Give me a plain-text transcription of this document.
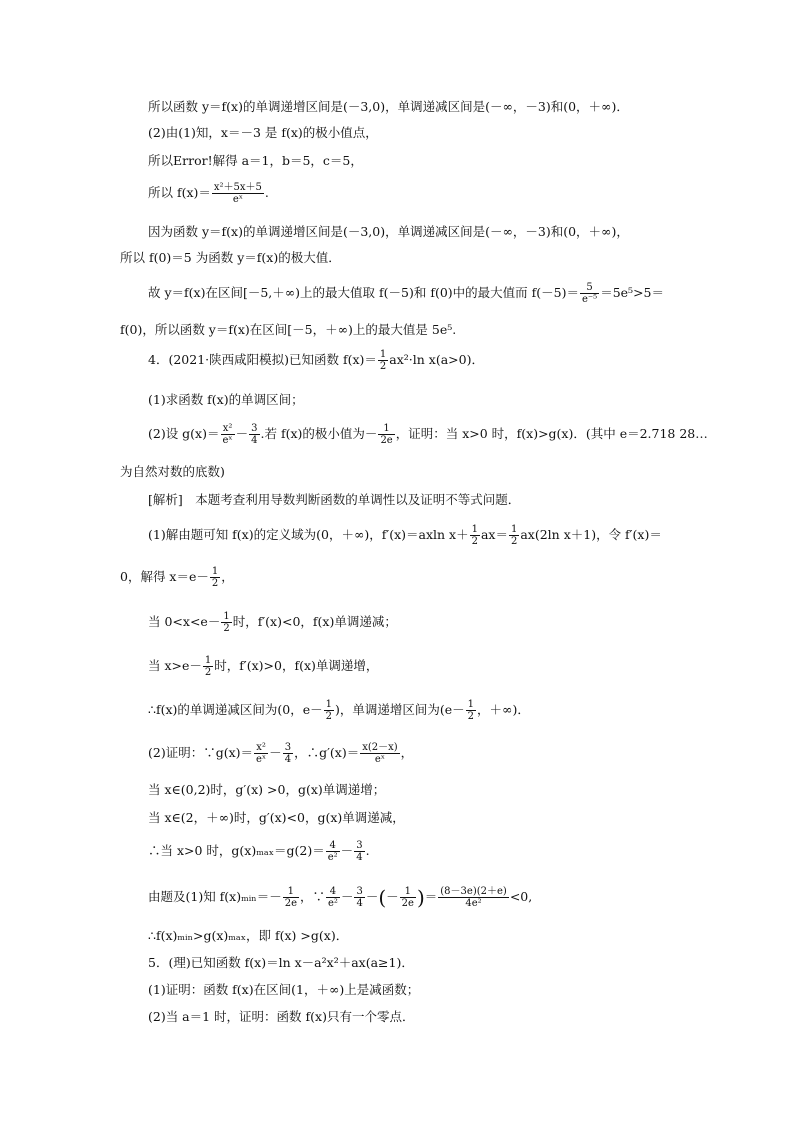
所以函数 y＝f(x)的单调递增区间是(－3,0)，单调递减区间是(－∞，－3)和(0，＋∞)．
(2)由(1)知，x＝－3 是 f(x)的极小值点，
所以Error!解得 a＝1，b＝5，c＝5，
所以 $f(x)= \frac{\text{x²＋5x＋5}}{\text{eˣ}}$ .
因为函数 y＝f(x)的单调递增区间是(－3,0)，单调递减区间是(－∞，－3)和(0，＋∞)，
所以 f(0)＝5 为函数 y＝f(x)的极大值．
故 y＝f(x)在区间[－5,＋∞)上的最大值取 f(－5)和 f(0)中的最大值而 $f(-5)= \frac{5}{\text{e⁻⁵}} =5e^5>5=$
f(0)，所以函数 y＝f(x)在区间[－5，＋∞)上的最大值是 5e⁵.
4．(2021·陕西咸阳模拟)已知函数 $f(x)= \frac{1}{2} ax^2\cdot\ln$ x(a>0)．
(1)求函数 f(x)的单调区间；
(2)设 $g(x)= \frac{\text{x²}}{\text{eˣ}} - \frac{3}{4}$ .若 f(x)的极小值为－ $\frac{1}{2e}$ ，证明：当 x>0 时，f(x)>g(x)．(其中 e＝2.718 28…
为自然对数的底数)
[解析]　本题考查利用导数判断函数的单调性以及证明不等式问题．
(1)解由题可知 f(x)的定义域为(0，＋∞)，f′(x)＝axln $x+ \frac{1}{2} ax= \frac{1}{2} ax(2\ln$ x＋1)，令 f′(x)＝
0，解得 $x=e- \frac{1}{2}$ ，
当 $0<x<e- \frac{1}{2}$ 时，f′(x)<0，f(x)单调递减；
当 $x>e- \frac{1}{2}$ 时，f′(x)>0，f(x)单调递增，
∴f(x)的单调递减区间为(0，$e- \frac{1}{2}$ )，单调递增区间为($e- \frac{1}{2}$ ，＋∞)．
(2)证明：∵g(x)＝ $\frac{\text{x²}}{\text{eˣ}} - \frac{3}{4}$ ，∴g′(x)＝ $\frac{x(2-x)}{\text{eˣ}}$ ，
当 x∈(0,2)时，g′(x) >0，g(x)单调递增；
当 x∈(2，＋∞)时，g′(x)<0，g(x)单调递减，
∴当 x>0 时，$g(x)_{max}=g(2)= \frac{4}{\text{e²}} - \frac{3}{4}$ .
由题及(1)知 f(x)ₘᵢₙ＝－ $\frac{1}{2e}$ ，∵ $\frac{4}{\text{e²}} - \frac{3}{4}$ －(－ $\frac{1}{2e}$ )＝ $\frac{(8-3e)(2+e)}{\text{4e²}} <0$,
∴f(x)ₘᵢₙ>g(x)ₘₐₓ，即 f(x) >g(x)．
5．(理)已知函数 f(x)＝ln x－a²x²＋ax(a≥1)．
(1)证明：函数 f(x)在区间(1，＋∞)上是减函数；
(2)当 a＝1 时，证明：函数 f(x)只有一个零点．
